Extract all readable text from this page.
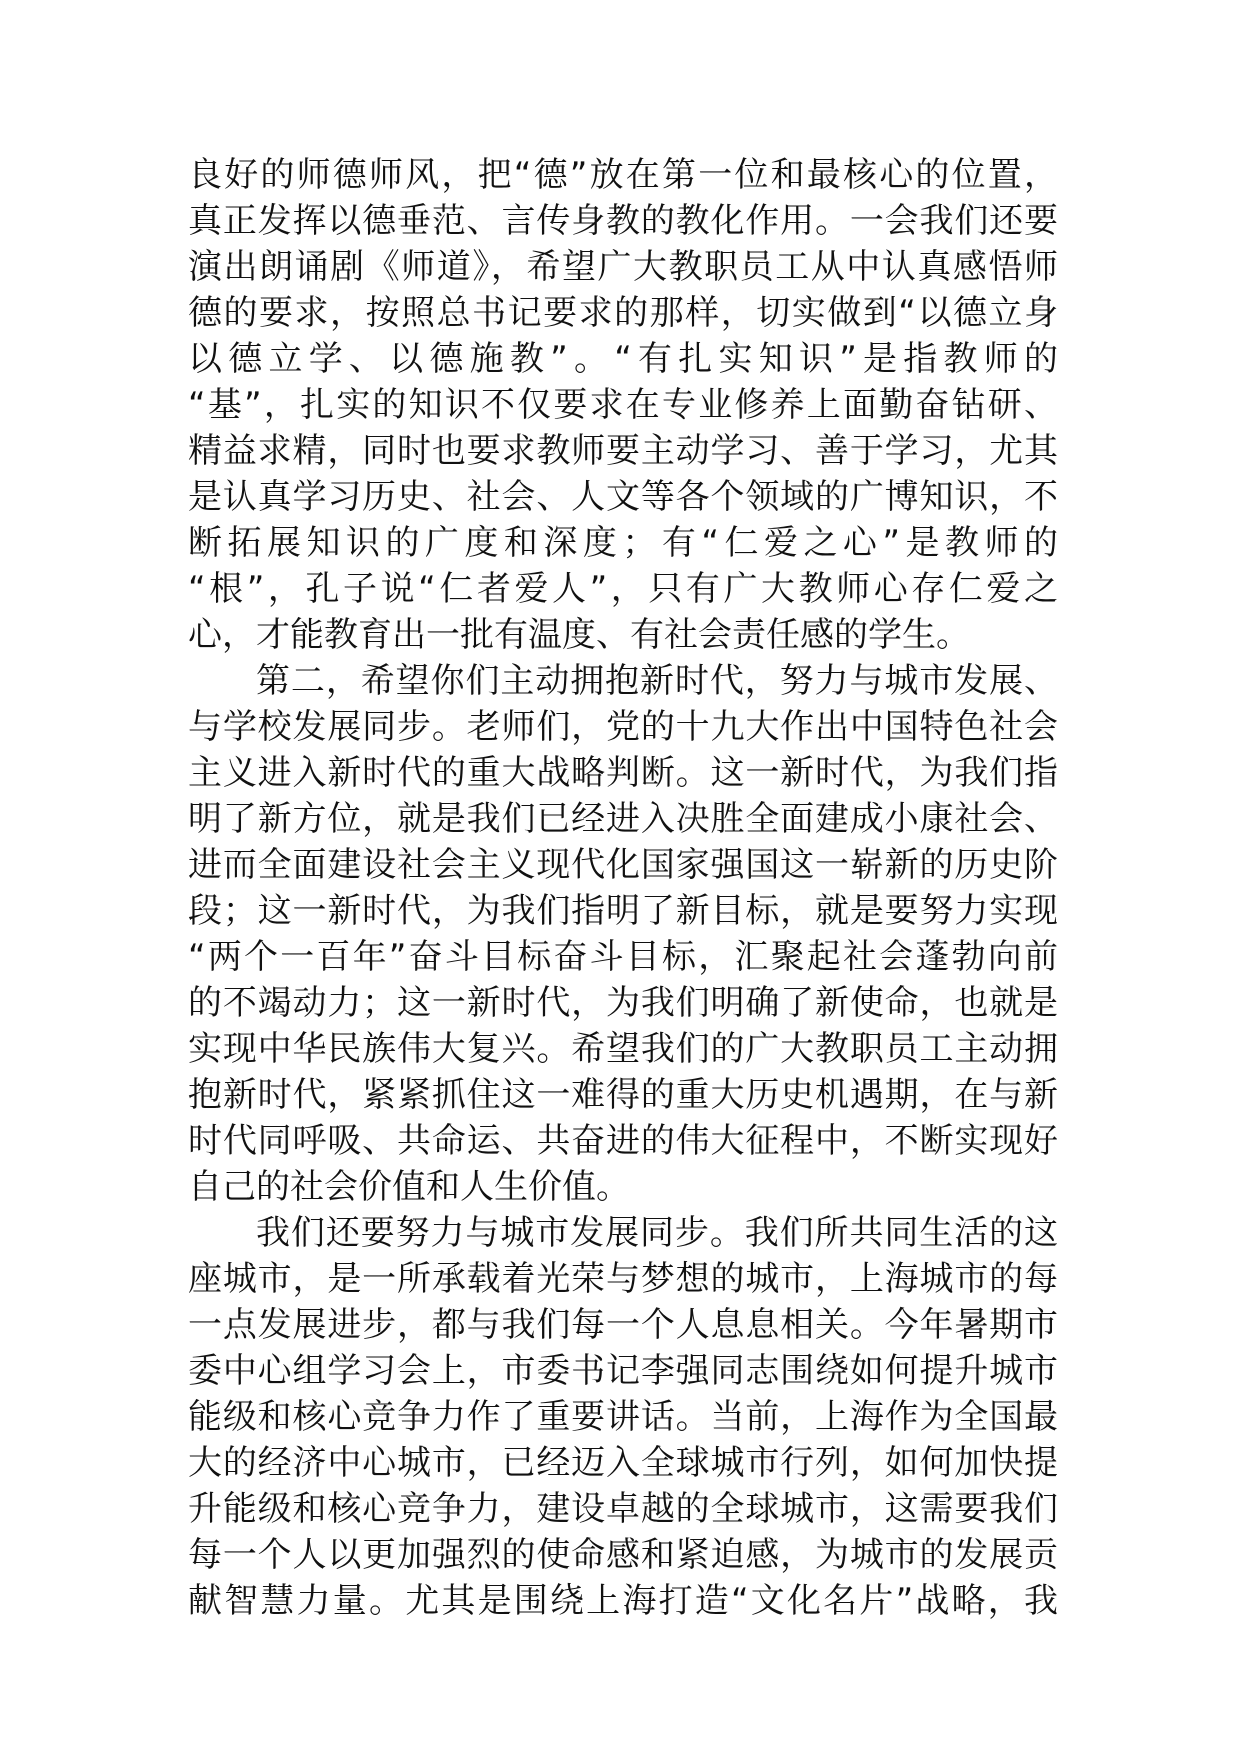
良好的师德师风，把“德”放在第一位和最核心的位置，
真正发挥以德垂范、言传身教的教化作用。一会我们还要
演出朗诵剧《师道》，希望广大教职员工从中认真感悟师
德的要求，按照总书记要求的那样，切实做到“以德立身
以德立学、以德施教”。“有扎实知识”是指教师的
“基”，扎实的知识不仅要求在专业修养上面勤奋钻研、
精益求精，同时也要求教师要主动学习、善于学习，尤其
是认真学习历史、社会、人文等各个领域的广博知识，不
断拓展知识的广度和深度；有“仁爱之心”是教师的
“根”，孔子说“仁者爱人”，只有广大教师心存仁爱之
心，才能教育出一批有温度、有社会责任感的学生。
第二，希望你们主动拥抱新时代，努力与城市发展、
与学校发展同步。老师们，党的十九大作出中国特色社会
主义进入新时代的重大战略判断。这一新时代，为我们指
明了新方位，就是我们已经进入决胜全面建成小康社会、
进而全面建设社会主义现代化国家强国这一崭新的历史阶
段；这一新时代，为我们指明了新目标，就是要努力实现
“两个一百年”奋斗目标奋斗目标，汇聚起社会蓬勃向前
的不竭动力；这一新时代，为我们明确了新使命，也就是
实现中华民族伟大复兴。希望我们的广大教职员工主动拥
抱新时代，紧紧抓住这一难得的重大历史机遇期，在与新
时代同呼吸、共命运、共奋进的伟大征程中，不断实现好
自己的社会价值和人生价值。
我们还要努力与城市发展同步。我们所共同生活的这
座城市，是一所承载着光荣与梦想的城市，上海城市的每
一点发展进步，都与我们每一个人息息相关。今年暑期市
委中心组学习会上，市委书记李强同志围绕如何提升城市
能级和核心竞争力作了重要讲话。当前，上海作为全国最
大的经济中心城市，已经迈入全球城市行列，如何加快提
升能级和核心竞争力，建设卓越的全球城市，这需要我们
每一个人以更加强烈的使命感和紧迫感，为城市的发展贡
献智慧力量。尤其是围绕上海打造“文化名片”战略，我
